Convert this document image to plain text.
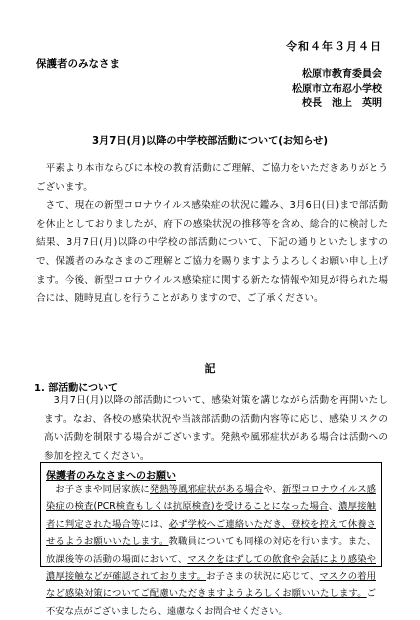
令和４年３月４日
保護者のみなさま
松原市教育委員会
松原市立布忍小学校
校長　池上　英明
3月7日(月)以降の中学校部活動について(お知らせ)

平素より本市ならびに本校の教育活動にご理解、ご協力をいただきありがとうございます。

さて、現在の新型コロナウイルス感染症の状況に鑑み、3月6日(日)まで部活動を休止としておりましたが、府下の感染状況の推移等を含め、総合的に検討した結果、3月7日(月)以降の中学校の部活動について、下記の通りといたしますので、保護者のみなさまのご理解とご協力を賜りますようよろしくお願い申し上げます。今後、新型コロナウイルス感染症に関する新たな情報や知見が得られた場合には、随時見直しを行うことがありますので、ご了承ください。

記
1. 部活動について

3月7日(月)以降の部活動について、感染対策を講じながら活動を再開いたします。なお、各校の感染状況や当該部活動の活動内容等に応じ、感染リスクの高い活動を制限する場合がございます。発熱や風邪症状がある場合は活動への参加を控えてください。

保護者のみなさまへのお願い

お子さまや同居家族に発熱等風邪症状がある場合や、新型コロナウイルス感染症の検査(PCR検査もしくは抗原検査)を受けることになった場合、濃厚接触者に判定された場合等には、必ず学校へご連絡いただき、登校を控えて休養させるようお願いいたします。教職員についても同様の対応を行います。また、放課後等の活動の場面において、マスクをはずしての飲食や会話により感染や濃厚接触などが確認されております。お子さまの状況に応じて、マスクの着用など感染対策についてご配慮いただきますようよろしくお願いいたします。ご不安な点がございましたら、遠慮なくお問合せください。
